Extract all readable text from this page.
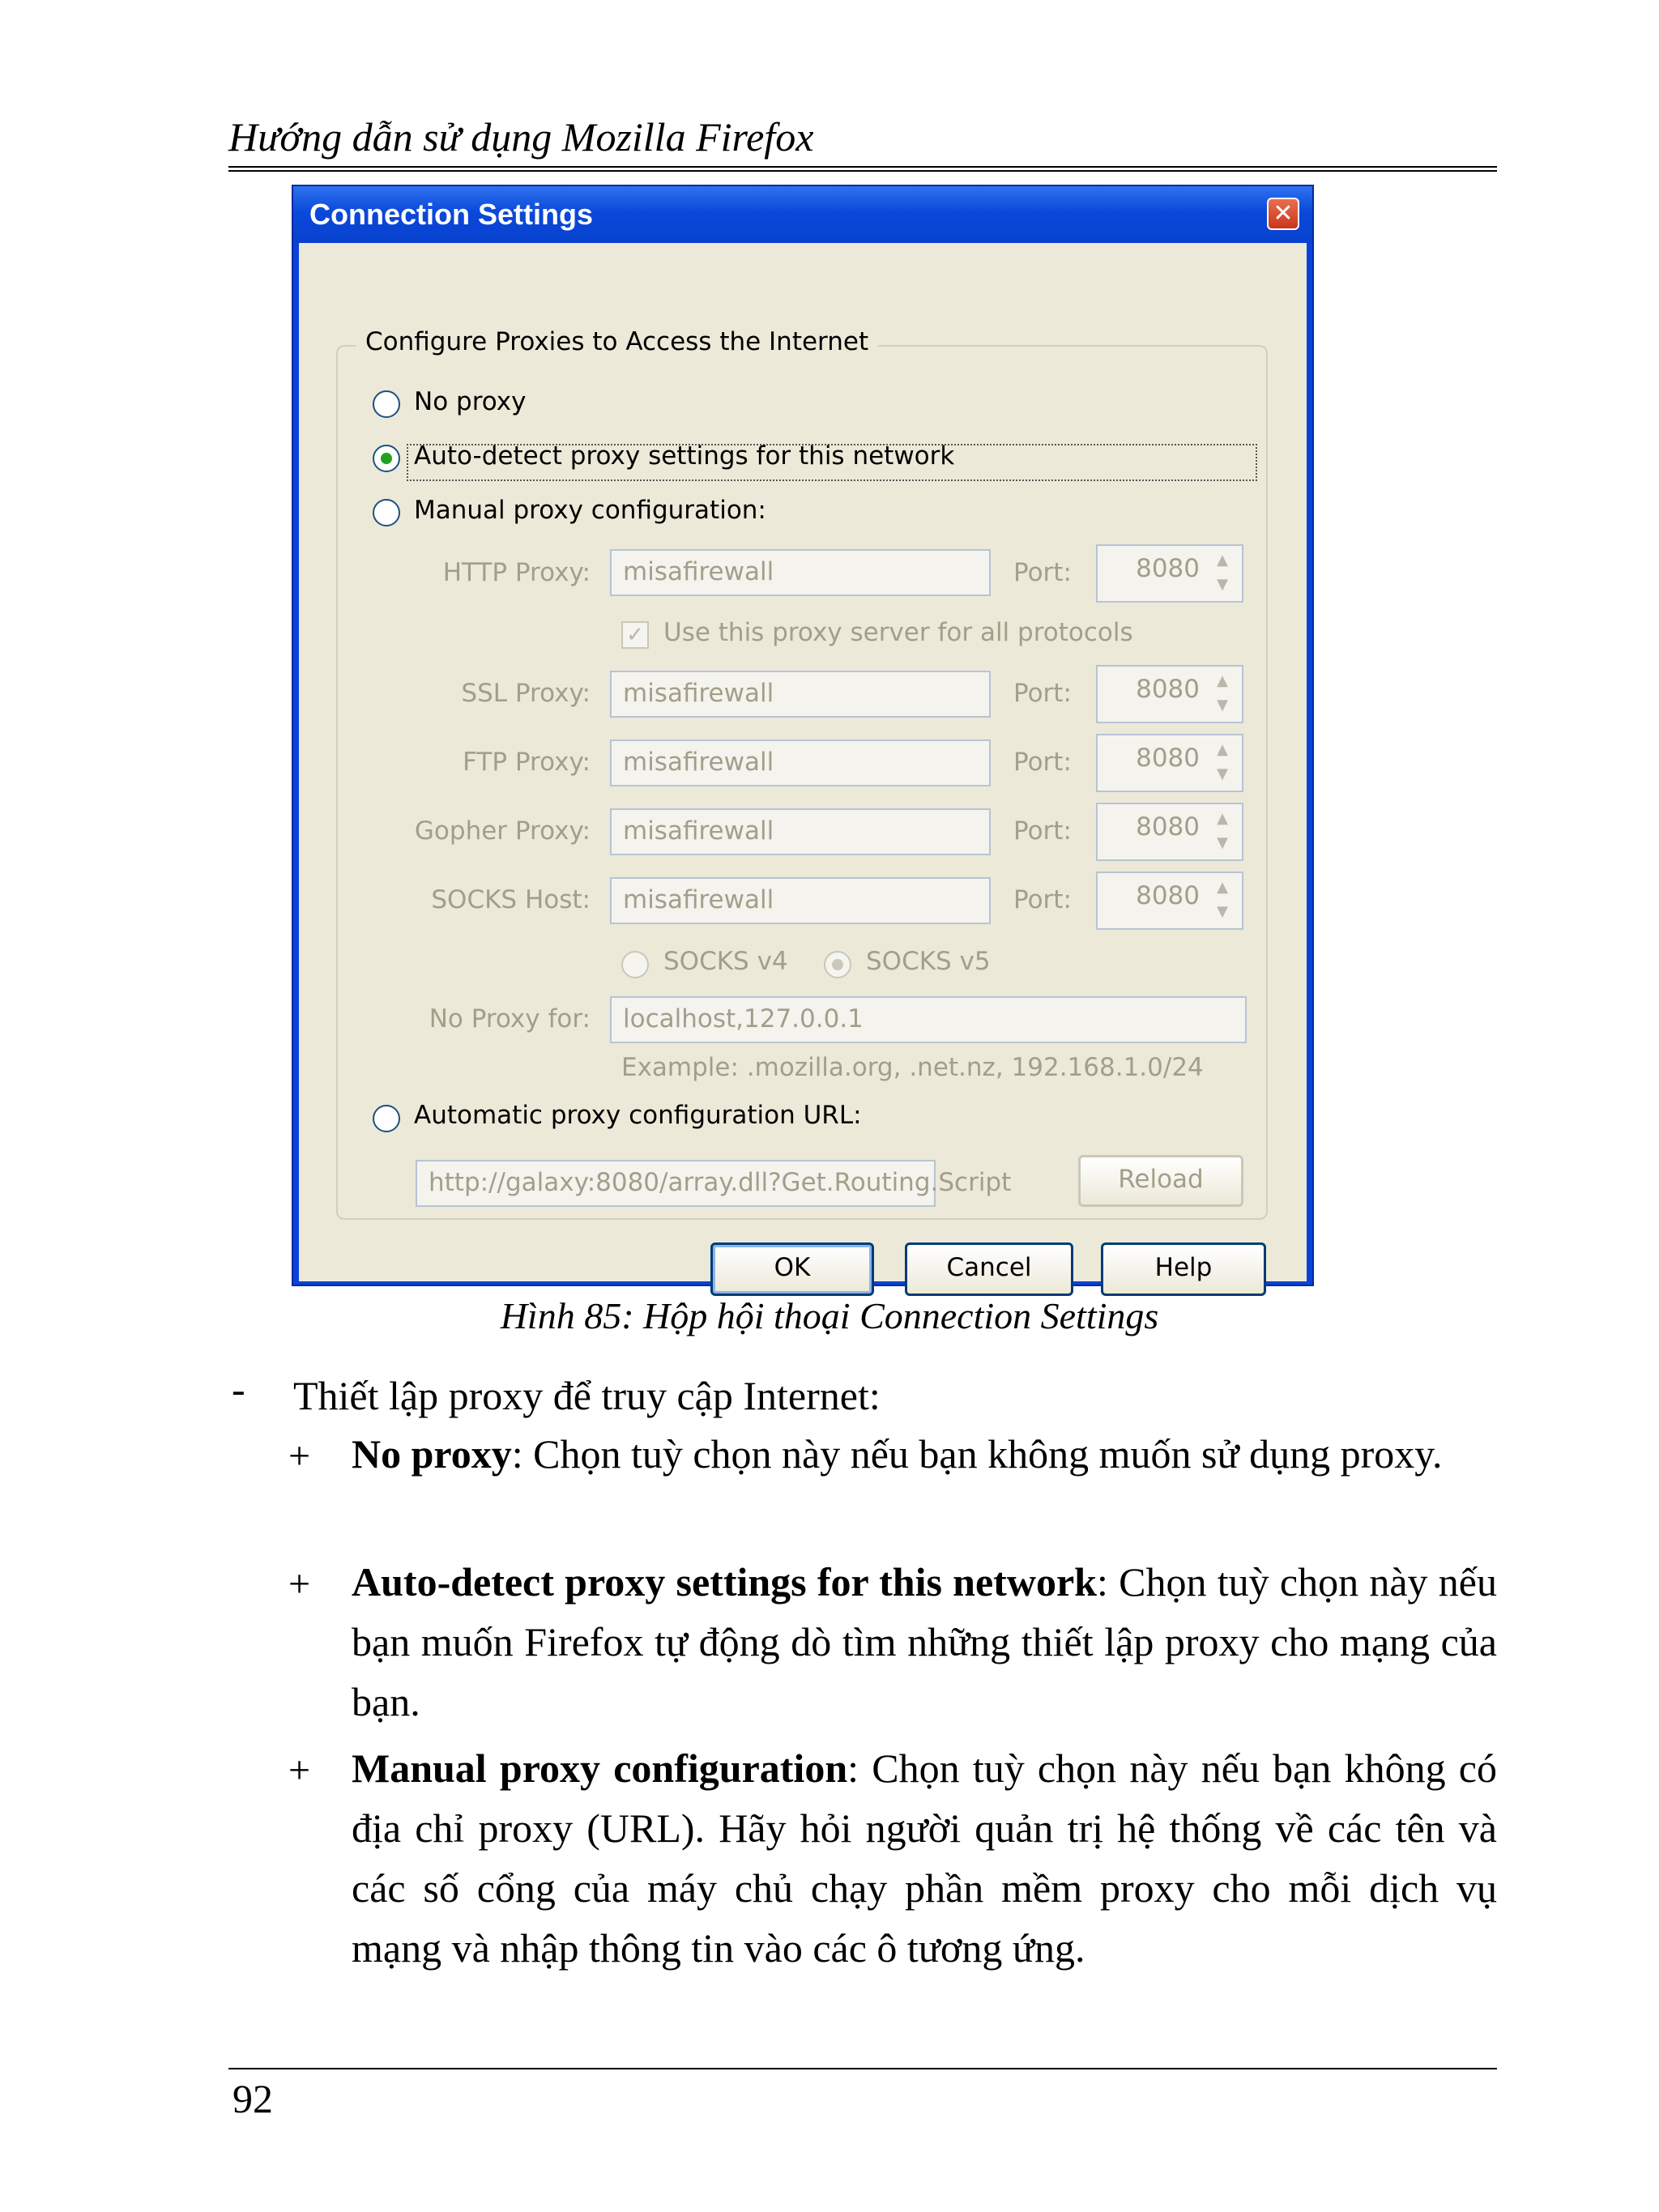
Hướng dẫn sử dụng Mozilla Firefox
Connection Settings	✕
Configure Proxies to Access the Internet
No proxy
Auto-detect proxy settings for this network
Manual proxy configuration:
HTTP Proxy:	misafirewall	Port:	8080	▲
▼
✓ Use this proxy server for all protocols
SSL Proxy:	misafirewall	Port:	8080	▲
▼
FTP Proxy:	misafirewall	Port:	8080	▲
▼
Gopher Proxy:	misafirewall	Port:	8080	▲
▼
SOCKS Host:	misafirewall	Port:	8080	▲
▼
SOCKS v4	SOCKS v5
No Proxy for:	localhost,127.0.0.1
Example: .mozilla.org, .net.nz, 192.168.1.0/24
Automatic proxy configuration URL:
http://galaxy:8080/array.dll?Get.Routing.Script	Reload
OK	Cancel	Help
Hình 85: Hộp hội thoại Connection Settings
- Thiết lập proxy để truy cập Internet:
+ No proxy: Chọn tuỳ chọn này nếu bạn không muốn sử dụng proxy.
+ Auto-detect proxy settings for this network: Chọn tuỳ chọn này nếu bạn muốn Firefox tự động dò tìm những thiết lập proxy cho mạng của bạn.
+ Manual proxy configuration: Chọn tuỳ chọn này nếu bạn không có địa chỉ proxy (URL). Hãy hỏi người quản trị hệ thống về các tên và các số cổng của máy chủ chạy phần mềm proxy cho mỗi dịch vụ mạng và nhập thông tin vào các ô tương ứng.
92
